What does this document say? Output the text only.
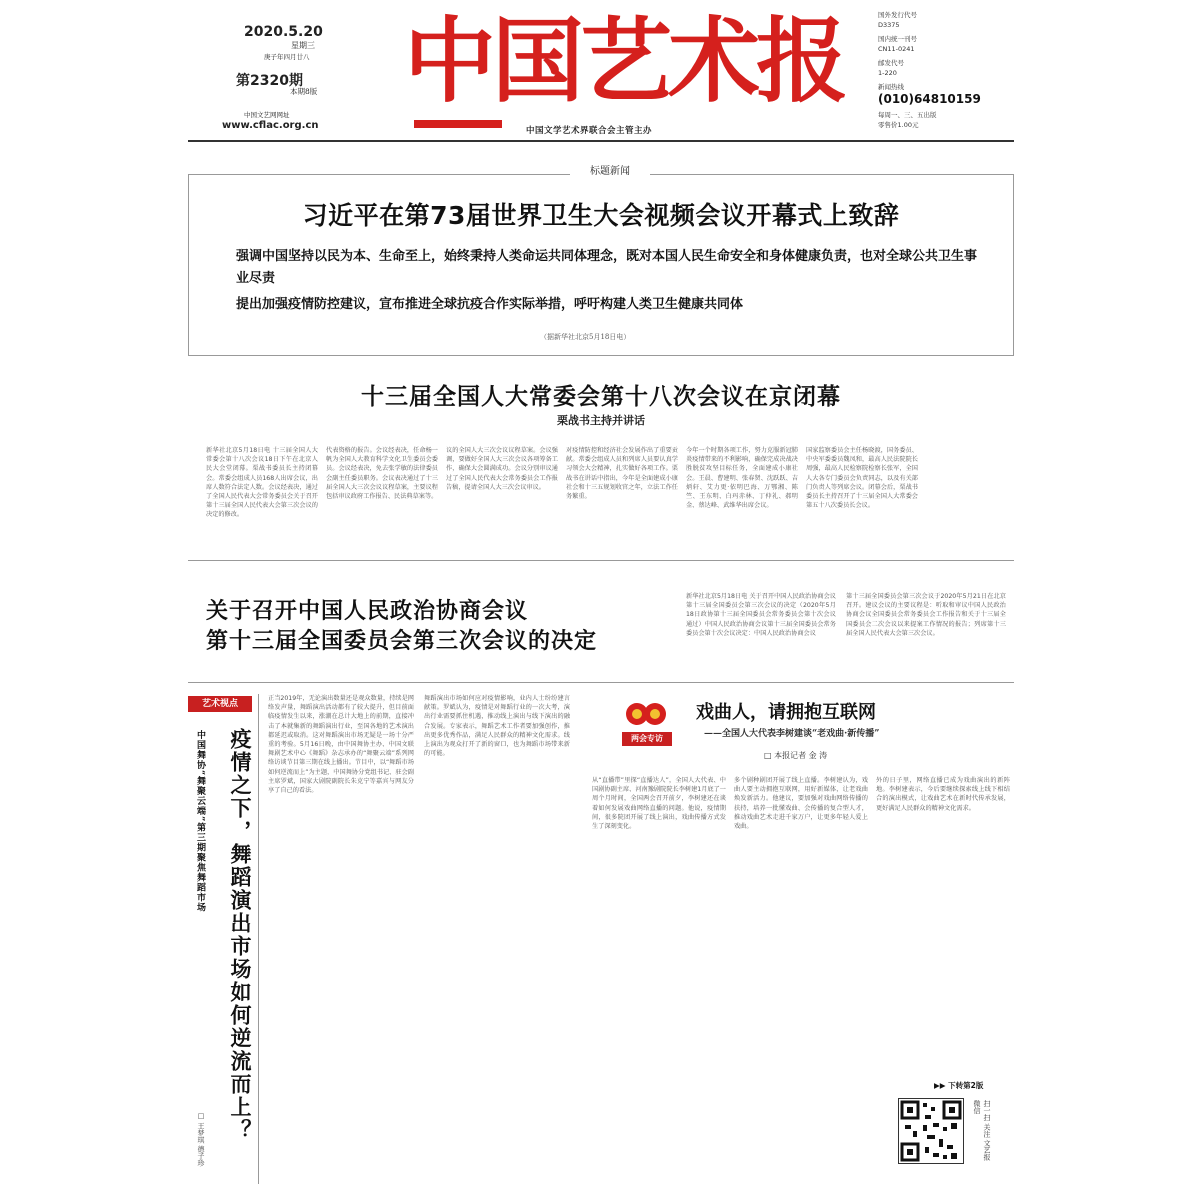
2020.5.20
星期三
庚子年四月廿八
第2320期
本期8版
中国文艺网网址
www.cflac.org.cn
中国艺术报
中国文学艺术界联合会主管主办
国外发行代号
D3375
国内统一刊号
CN11-0241
邮发代号
1-220
新闻热线
(010)64810159
每周一、三、五出版
零售价1.00元
标题新闻
习近平在第73届世界卫生大会视频会议开幕式上致辞
强调中国坚持以民为本、生命至上，始终秉持人类命运共同体理念，既对本国人民生命安全和身体健康负责，也对全球公共卫生事业尽责
提出加强疫情防控建议，宣布推进全球抗疫合作实际举措，呼吁构建人类卫生健康共同体
（据新华社北京5月18日电）
十三届全国人大常委会第十八次会议在京闭幕
栗战书主持并讲话
新华社北京5月18日电 十三届全国人大常委会第十八次会议18日下午在北京人民大会堂闭幕。栗战书委员长主持闭幕会。常委会组成人员168人出席会议，出席人数符合法定人数。会议经表决，通过了全国人民代表大会常务委员会关于召开第十三届全国人民代表大会第三次会议的决定的修改。
代表资格的报告。会议经表决，任命杨一帆为全国人大教育科学文化卫生委员会委员。会议经表决，免去张学敏的法律委员会副主任委员职务。会议表决通过了十三届全国人大三次会议议程草案，主要议程包括审议政府工作报告、民法典草案等。
议的全国人大三次会议议程草案。会议强调，要做好全国人大三次会议各项筹备工作，确保大会圆满成功。会议分别审议通过了全国人民代表大会常务委员会工作报告稿，提请全国人大三次会议审议。
对疫情防控和经济社会发展作出了重要贡献。常委会组成人员和列席人员要认真学习领会大会精神，扎实做好各项工作。栗战书在讲话中指出，今年是全面建成小康社会和十三五规划收官之年，立法工作任务繁重。
今年一个时期各项工作，努力克服新冠肺炎疫情带来的不利影响，确保完成决战决胜脱贫攻坚目标任务，全面建成小康社会。王晨、曹建明、张春贤、沈跃跃、吉炳轩、艾力更·依明巴海、万鄂湘、陈竺、王东明、白玛赤林、丁仲礼、郝明金、蔡达峰、武维华出席会议。
国家监察委员会主任杨晓渡，国务委员、中央军委委员魏凤和，最高人民法院院长周强，最高人民检察院检察长张军，全国人大各专门委员会负责同志，以及有关部门负责人等列席会议。闭幕会后，栗战书委员长主持召开了十三届全国人大常委会第五十八次委员长会议。
关于召开中国人民政治协商会议
第十三届全国委员会第三次会议的决定
新华社北京5月18日电 关于召开中国人民政治协商会议第十三届全国委员会第三次会议的决定（2020年5月18日政协第十三届全国委员会常务委员会第十次会议通过）中国人民政治协商会议第十三届全国委员会常务委员会第十次会议决定：中国人民政治协商会议
第十三届全国委员会第三次会议于2020年5月21日在北京召开。建议会议的主要议程是：听取和审议中国人民政治协商会议全国委员会常务委员会工作报告和关于十三届全国委员会二次会议以来提案工作情况的报告；列席第十三届全国人民代表大会第三次会议。
艺术视点
疫情之下，舞蹈演出市场如何逆流而上？
中国舞协“舞聚云端”第三期聚焦舞蹈市场
□ 王梦琪 德子珍
正当2019年，无论演出数量还是观众数量，持续是网络发声量，舞蹈演出活动都有了较大提升，但目前面临疫情发生以来，涨潮在总计大地上的前期，直接冲击了本就集新的舞蹈演出行业，至国各地的艺术演出都延迟或取消。这对舞蹈演出市场无疑是一场十分严重的考验。5月16日晚，由中国舞协主办、中国文联舞剧艺术中心《舞蹈》杂志承办的“舞聚云端”系列网络访谈节目第三期在线上播出。节目中，以“舞蹈市场如何逆流而上”为主题，中国舞协分党组书记、驻会副主席罗斌，国家大剧院副院长朱克宁等嘉宾与网友分享了自己的看法。
舞蹈演出市场如何应对疫情影响，业内人士纷纷建言献策。罗斌认为，疫情是对舞蹈行业的一次大考，演出行业需要抓住机遇，推动线上演出与线下演出的融合发展。专家表示，舞蹈艺术工作者要加强创作，推出更多优秀作品，满足人民群众的精神文化需求。线上演出为观众打开了新的窗口，也为舞蹈市场带来新的可能。
两会专访
戏曲人，请拥抱互联网
——全国人大代表李树建谈“老戏曲·新传播”
□ 本报记者 金 涛
从“直播带”里探“直播达人”，全国人大代表、中国剧协副主席、河南豫剧院院长李树建1月底了一周个月时间，全国两会召开前夕，李树建还在谈着如何发展戏曲网络直播的问题。他说，疫情期间，很多院团开展了线上演出，戏曲传播方式发生了深刻变化。
多个剧种剧团开展了线上直播。李树建认为，戏曲人要主动拥抱互联网，用好新媒体，让老戏曲焕发新活力。他建议，要加强对戏曲网络传播的扶持，培养一批懂戏曲、会传播的复合型人才，推动戏曲艺术走进千家万户，让更多年轻人爱上戏曲。
外的日子里，网络直播已成为戏曲演出的新阵地。李树建表示，今后要继续探索线上线下相结合的演出模式，让戏曲艺术在新时代传承发展，更好满足人民群众的精神文化需求。
▶▶ 下转第2版
扫一扫 关注 文艺报微信
